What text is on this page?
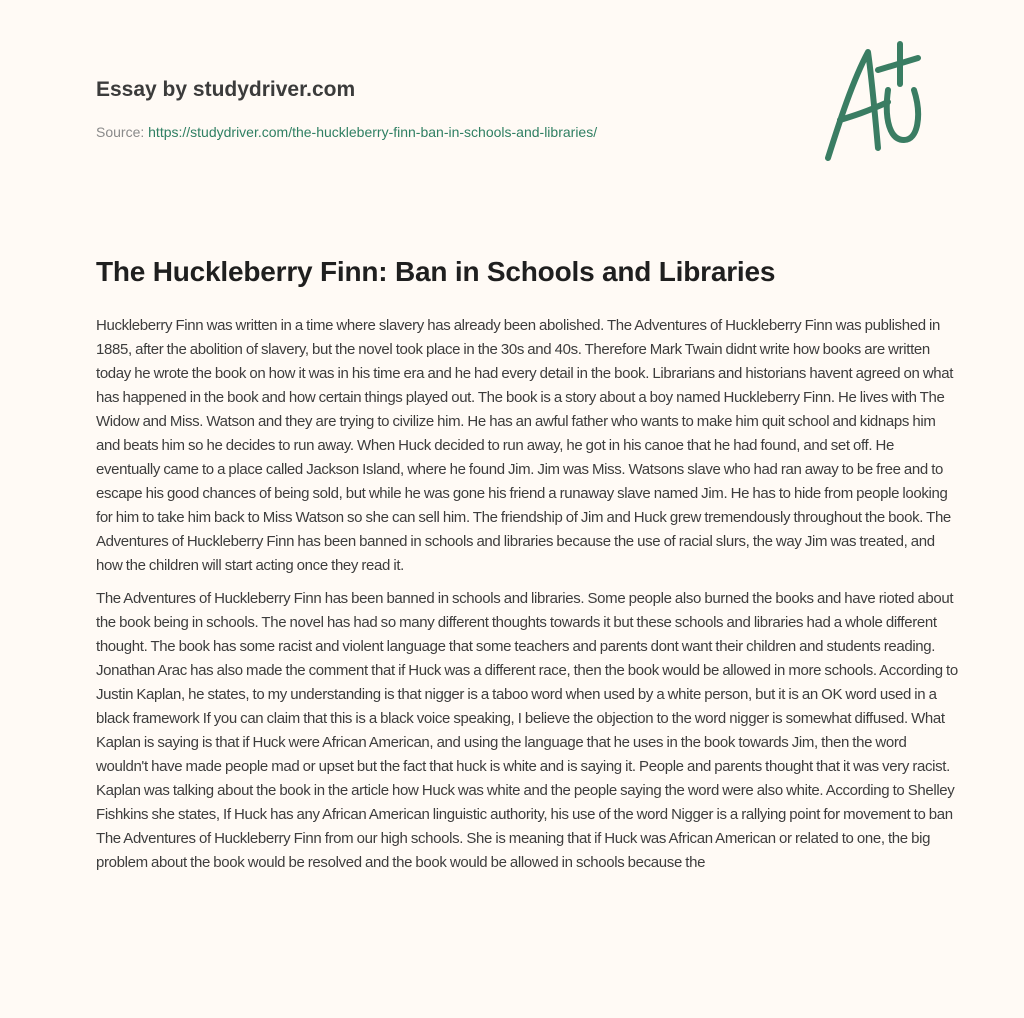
Essay by studydriver.com
Source: https://studydriver.com/the-huckleberry-finn-ban-in-schools-and-libraries/
The Huckleberry Finn: Ban in Schools and Libraries

Huckleberry Finn was written in a time where slavery has already been abolished. The Adventures of Huckleberry Finn was published in 1885, after the abolition of slavery, but the novel took place in the 30s and 40s. Therefore Mark Twain didnt write how books are written today he wrote the book on how it was in his time era and he had every detail in the book. Librarians and historians havent agreed on what has happened in the book and how certain things played out. The book is a story about a boy named Huckleberry Finn. He lives with The Widow and Miss. Watson and they are trying to civilize him. He has an awful father who wants to make him quit school and kidnaps him and beats him so he decides to run away. When Huck decided to run away, he got in his canoe that he had found, and set off. He eventually came to a place called Jackson Island, where he found Jim. Jim was Miss. Watsons slave who had ran away to be free and to escape his good chances of being sold, but while he was gone his friend a runaway slave named Jim. He has to hide from people looking for him to take him back to Miss Watson so she can sell him. The friendship of Jim and Huck grew tremendously throughout the book. The Adventures of Huckleberry Finn has been banned in schools and libraries because the use of racial slurs, the way Jim was treated, and how the children will start acting once they read it.

The Adventures of Huckleberry Finn has been banned in schools and libraries. Some people also burned the books and have rioted about the book being in schools. The novel has had so many different thoughts towards it but these schools and libraries had a whole different thought. The book has some racist and violent language that some teachers and parents dont want their children and students reading. Jonathan Arac has also made the comment that if Huck was a different race, then the book would be allowed in more schools. According to Justin Kaplan, he states, to my understanding is that nigger is a taboo word when used by a white person, but it is an OK word used in a black framework If you can claim that this is a black voice speaking, I believe the objection to the word nigger is somewhat diffused. What Kaplan is saying is that if Huck were African American, and using the language that he uses in the book towards Jim, then the word wouldn't have made people mad or upset but the fact that huck is white and is saying it. People and parents thought that it was very racist. Kaplan was talking about the book in the article how Huck was white and the people saying the word were also white. According to Shelley Fishkins she states, If Huck has any African American linguistic authority, his use of the word Nigger is a rallying point for movement to ban The Adventures of Huckleberry Finn from our high schools. She is meaning that if Huck was African American or related to one, the big problem about the book would be resolved and the book would be allowed in schools because the
